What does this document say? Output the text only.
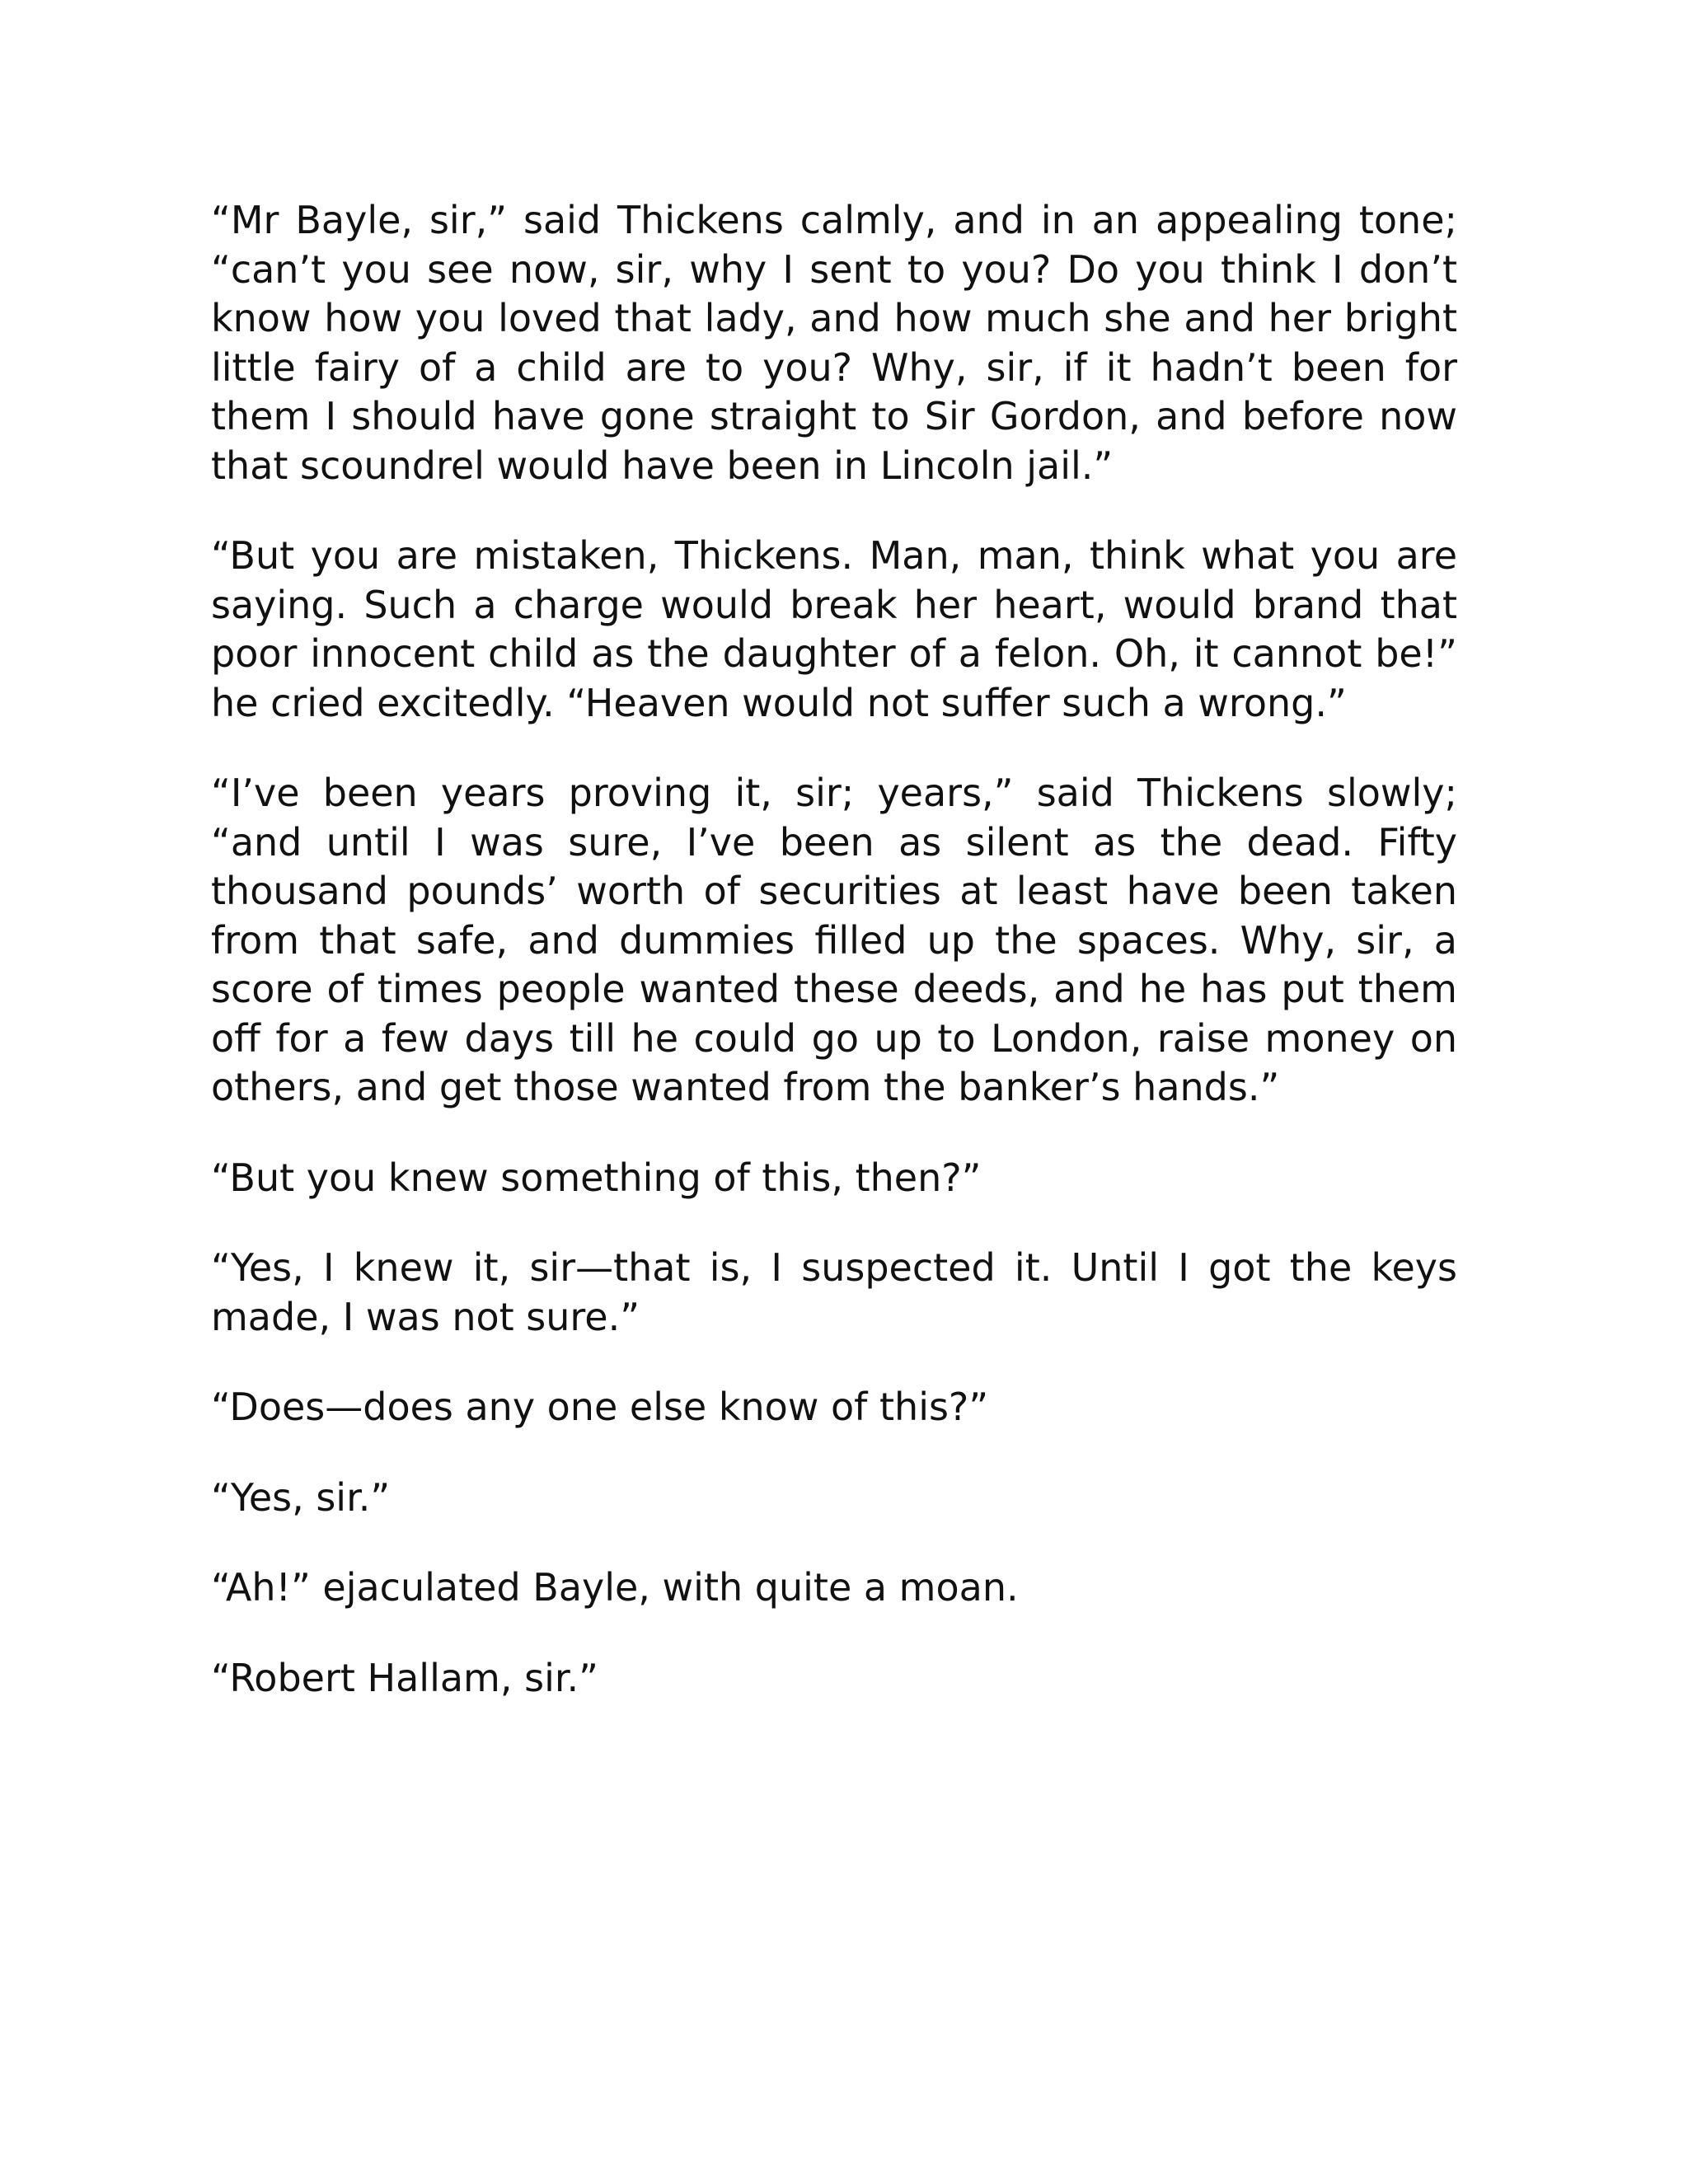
“Mr Bayle, sir,” said Thickens calmly, and in an appealing tone; “can’t you see now, sir, why I sent to you? Do you think I don’t know how you loved that lady, and how much she and her bright little fairy of a child are to you? Why, sir, if it hadn’t been for them I should have gone straight to Sir Gordon, and before now that scoundrel would have been in Lincoln jail.”

“But you are mistaken, Thickens. Man, man, think what you are saying. Such a charge would break her heart, would brand that poor innocent child as the daughter of a felon. Oh, it cannot be!” he cried excitedly. “Heaven would not suffer such a wrong.”

“I’ve been years proving it, sir; years,” said Thickens slowly; “and until I was sure, I’ve been as silent as the dead. Fifty thousand pounds’ worth of securities at least have been taken from that safe, and dummies filled up the spaces. Why, sir, a score of times people wanted these deeds, and he has put them off for a few days till he could go up to London, raise money on others, and get those wanted from the banker’s hands.”

“But you knew something of this, then?”

“Yes, I knew it, sir—that is, I suspected it. Until I got the keys made, I was not sure.”

“Does—does any one else know of this?”

“Yes, sir.”

“Ah!” ejaculated Bayle, with quite a moan.

“Robert Hallam, sir.”
